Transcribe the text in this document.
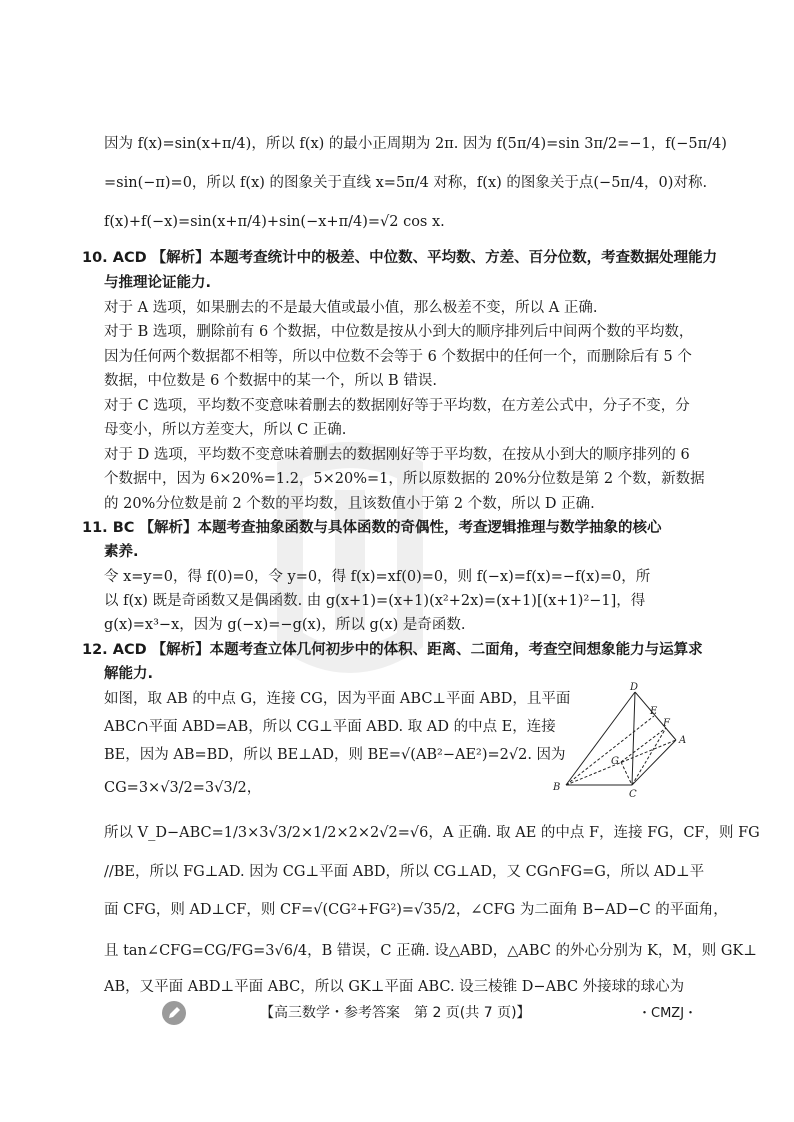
因为 f(x)=sin(x+π/4)，所以 f(x) 的最小正周期为 2π. 因为 f(5π/4)=sin 3π/2=−1，f(−5π/4)
=sin(−π)=0，所以 f(x) 的图象关于直线 x=5π/4 对称，f(x) 的图象关于点(−5π/4，0)对称.
f(x)+f(−x)=sin(x+π/4)+sin(−x+π/4)=√2 cos x.
10. ACD 【解析】本题考查统计中的极差、中位数、平均数、方差、百分位数，考查数据处理能力
与推理论证能力.
对于 A 选项，如果删去的不是最大值或最小值，那么极差不变，所以 A 正确.
对于 B 选项，删除前有 6 个数据，中位数是按从小到大的顺序排列后中间两个数的平均数，
因为任何两个数据都不相等，所以中位数不会等于 6 个数据中的任何一个，而删除后有 5 个
数据，中位数是 6 个数据中的某一个，所以 B 错误.
对于 C 选项，平均数不变意味着删去的数据刚好等于平均数，在方差公式中，分子不变，分
母变小，所以方差变大，所以 C 正确.
对于 D 选项，平均数不变意味着删去的数据刚好等于平均数，在按从小到大的顺序排列的 6
个数据中，因为 6×20%=1.2，5×20%=1，所以原数据的 20%分位数是第 2 个数，新数据
的 20%分位数是前 2 个数的平均数，且该数值小于第 2 个数，所以 D 正确.
11. BC 【解析】本题考查抽象函数与具体函数的奇偶性，考查逻辑推理与数学抽象的核心
素养.
令 x=y=0，得 f(0)=0，令 y=0，得 f(x)=xf(0)=0，则 f(−x)=f(x)=−f(x)=0，所
以 f(x) 既是奇函数又是偶函数. 由 g(x+1)=(x+1)(x²+2x)=(x+1)[(x+1)²−1]，得
g(x)=x³−x，因为 g(−x)=−g(x)，所以 g(x) 是奇函数.
12. ACD 【解析】本题考查立体几何初步中的体积、距离、二面角，考查空间想象能力与运算求
解能力.
如图，取 AB 的中点 G，连接 CG，因为平面 ABC⊥平面 ABD，且平面
ABC∩平面 ABD=AB，所以 CG⊥平面 ABD. 取 AD 的中点 E，连接
BE，因为 AB=BD，所以 BE⊥AD，则 BE=√(AB²−AE²)=2√2. 因为
CG=3×√3/2=3√3/2，
所以 V_D−ABC=1/3×3√3/2×1/2×2×2√2=√6，A 正确. 取 AE 的中点 F，连接 FG，CF，则 FG
//BE，所以 FG⊥AD. 因为 CG⊥平面 ABD，所以 CG⊥AD，又 CG∩FG=G，所以 AD⊥平
面 CFG，则 AD⊥CF，则 CF=√(CG²+FG²)=√35/2，∠CFG 为二面角 B−AD−C 的平面角，
且 tan∠CFG=CG/FG=3√6/4，B 错误，C 正确. 设△ABD，△ABC 的外心分别为 K，M，则 GK⊥
AB，又平面 ABD⊥平面 ABC，所以 GK⊥平面 ABC. 设三棱锥 D−ABC 外接球的球心为
D
E
F
A
G
B
C
【高三数学・参考答案　第 2 页(共 7 页)】	・CMZJ・
